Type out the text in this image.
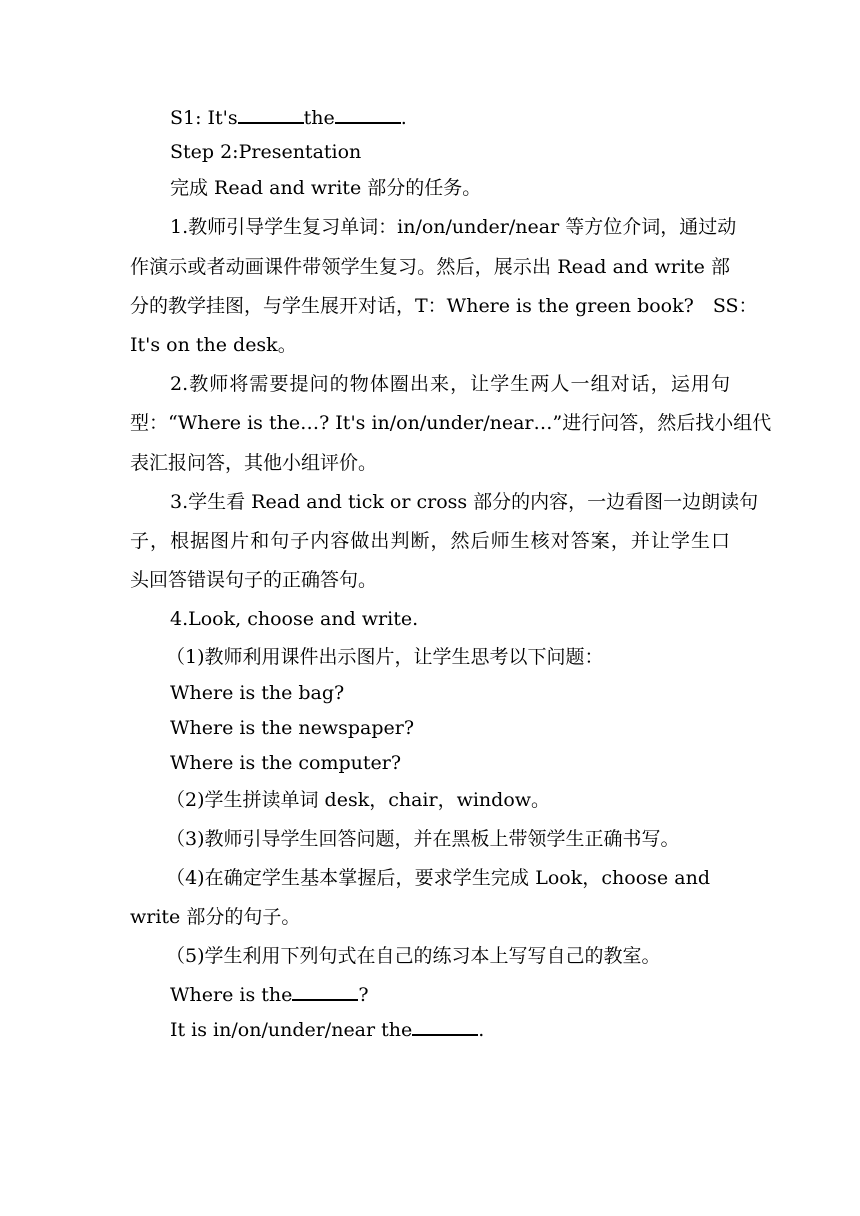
S1: It's	the	.
Step 2:Presentation
完成 Read and write 部分的任务。
1.教师引导学生复习单词：in/on/under/near 等方位介词，通过动
作演示或者动画课件带领学生复习。然后，展示出 Read and write 部
分的教学挂图，与学生展开对话，T：Where is the green book?　SS：
It's on the desk。
2.教师将需要提问的物体圈出来，让学生两人一组对话，运用句
型：“Where is the…? It's in/on/under/near…”进行问答，然后找小组代
表汇报问答，其他小组评价。
3.学生看 Read and tick or cross 部分的内容，一边看图一边朗读句
子，根据图片和句子内容做出判断，然后师生核对答案，并让学生口
头回答错误句子的正确答句。
4.Look, choose and write.
（1)教师利用课件出示图片，让学生思考以下问题：
Where is the bag?
Where is the newspaper?
Where is the computer?
（2)学生拼读单词 desk，chair，window。
（3)教师引导学生回答问题，并在黑板上带领学生正确书写。
（4)在确定学生基本掌握后，要求学生完成 Look，choose and
write 部分的句子。
（5)学生利用下列句式在自己的练习本上写写自己的教室。
Where is the	?
It is in/on/under/near the	.
